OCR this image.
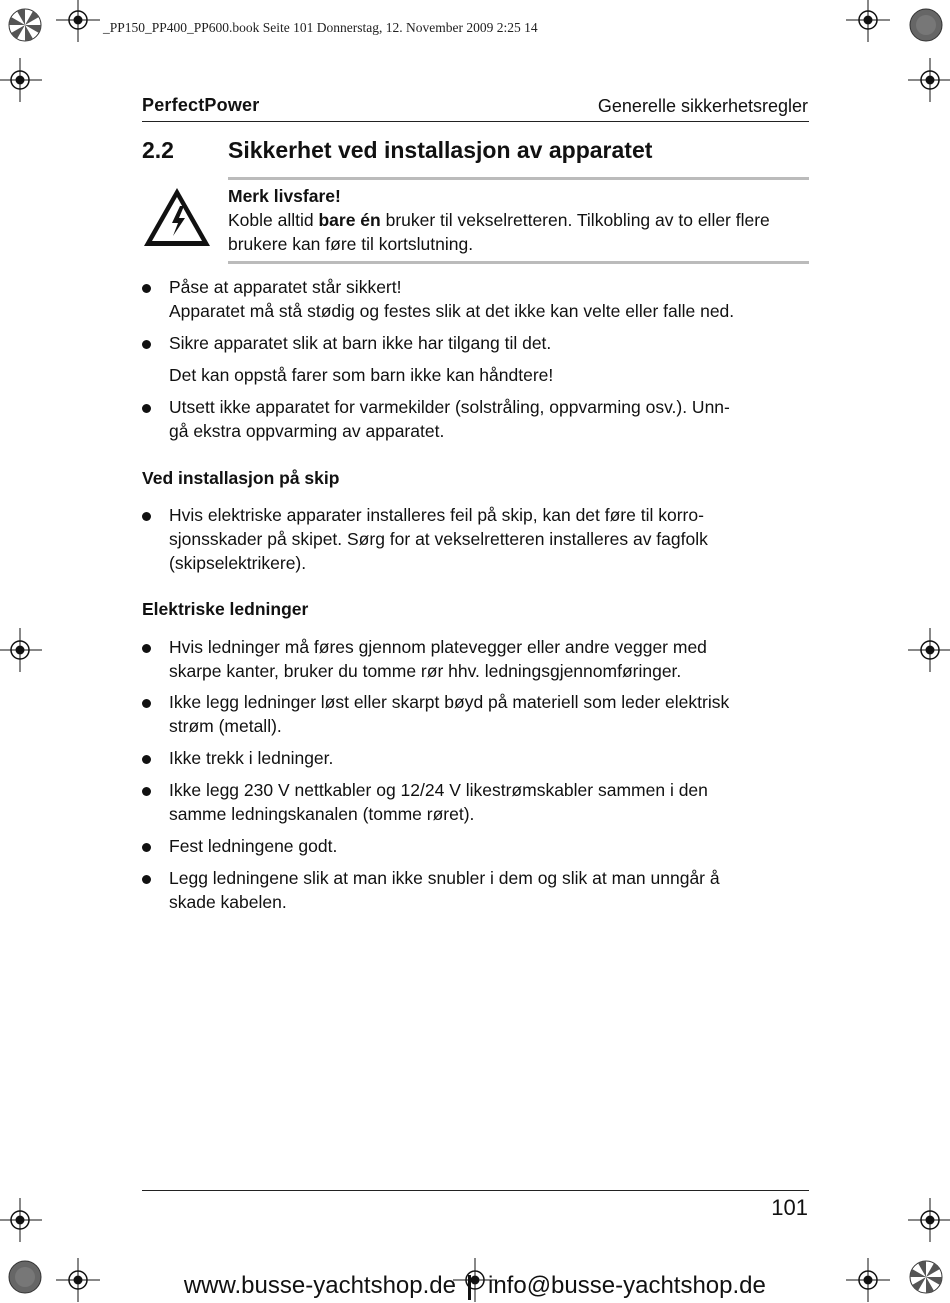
_PP150_PP400_PP600.book Seite 101 Donnerstag, 12. November 2009 2:25 14
PerfectPower	Generelle sikkerhetsregler
2.2 Sikkerhet ved installasjon av apparatet
Merk livsfare!
Koble alltid bare én bruker til vekselretteren. Tilkobling av to eller flere brukere kan føre til kortslutning.
Påse at apparatet står sikkert!
Apparatet må stå stødig og festes slik at det ikke kan velte eller falle ned.
Sikre apparatet slik at barn ikke har tilgang til det.
Det kan oppstå farer som barn ikke kan håndtere!
Utsett ikke apparatet for varmekilder (solstråling, oppvarming osv.). Unn-
gå ekstra oppvarming av apparatet.
Ved installasjon på skip
Hvis elektriske apparater installeres feil på skip, kan det føre til korro-
sjonsskader på skipet. Sørg for at vekselretteren installeres av fagfolk
(skipselektrikere).
Elektriske ledninger
Hvis ledninger må føres gjennom platevegger eller andre vegger med
skarpe kanter, bruker du tomme rør hhv. ledningsgjennomføringer.
Ikke legg ledninger løst eller skarpt bøyd på materiell som leder elektrisk
strøm (metall).
Ikke trekk i ledninger.
Ikke legg 230 V nettkabler og 12/24 V likestrømskabler sammen i den
samme ledningskanalen (tomme røret).
Fest ledningene godt.
Legg ledningene slik at man ikke snubler i dem og slik at man unngår å
skade kabelen.
101
www.busse-yachtshop.de info@busse-yachtshop.de
